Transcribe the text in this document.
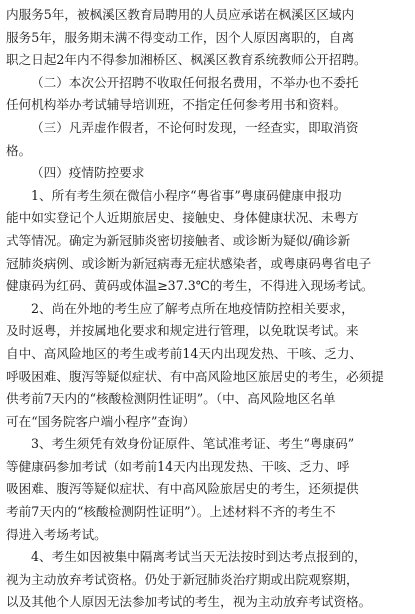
内服务5年，被枫溪区教育局聘用的人员应承诺在枫溪区区域内
服务5年，服务期未满不得变动工作，因个人原因离职的，自离
职之日起2年内不得参加湘桥区、枫溪区教育系统教师公开招聘。
（二）本次公开招聘不收取任何报名费用，不举办也不委托
任何机构举办考试辅导培训班，不指定任何参考用书和资料。
（三）凡弄虚作假者，不论何时发现，一经查实，即取消资
格。
（四）疫情防控要求
1、所有考生须在微信小程序“粤省事”粤康码健康申报功
能中如实登记个人近期旅居史、接触史、身体健康状况、未粤方
式等情况。确定为新冠肺炎密切接触者、或诊断为疑似/确诊新
冠肺炎病例、或诊断为新冠病毒无症状感染者，或粤康码粤省电子
健康码为红码、黄码或体温≥37.3℃的考生，不得进入现场考试。
2、尚在外地的考生应了解考点所在地疫情防控相关要求，
及时返粤，并按属地化要求和规定进行管理，以免耽误考试。来
自中、高风险地区的考生或考前14天内出现发热、干咳、乏力、
呼吸困难、腹泻等疑似症状、有中高风险地区旅居史的考生，必须提
供考前7天内的“核酸检测阴性证明”。（中、高风险地区名单
可在“国务院客户端小程序”查询）
3、考生须凭有效身份证原件、笔试准考证、考生“粤康码”
等健康码参加考试（如考前14天内出现发热、干咳、乏力、呼
吸困难、腹泻等疑似症状、有中高风险旅居史的考生，还须提供
考前7天内的“核酸检测阴性证明”）。上述材料不齐的考生不
得进入考场考试。
4、考生如因被集中隔离考试当天无法按时到达考点报到的，
视为主动放弃考试资格。仍处于新冠肺炎治疗期或出院观察期，
以及其他个人原因无法参加考试的考生，视为主动放弃考试资格。
